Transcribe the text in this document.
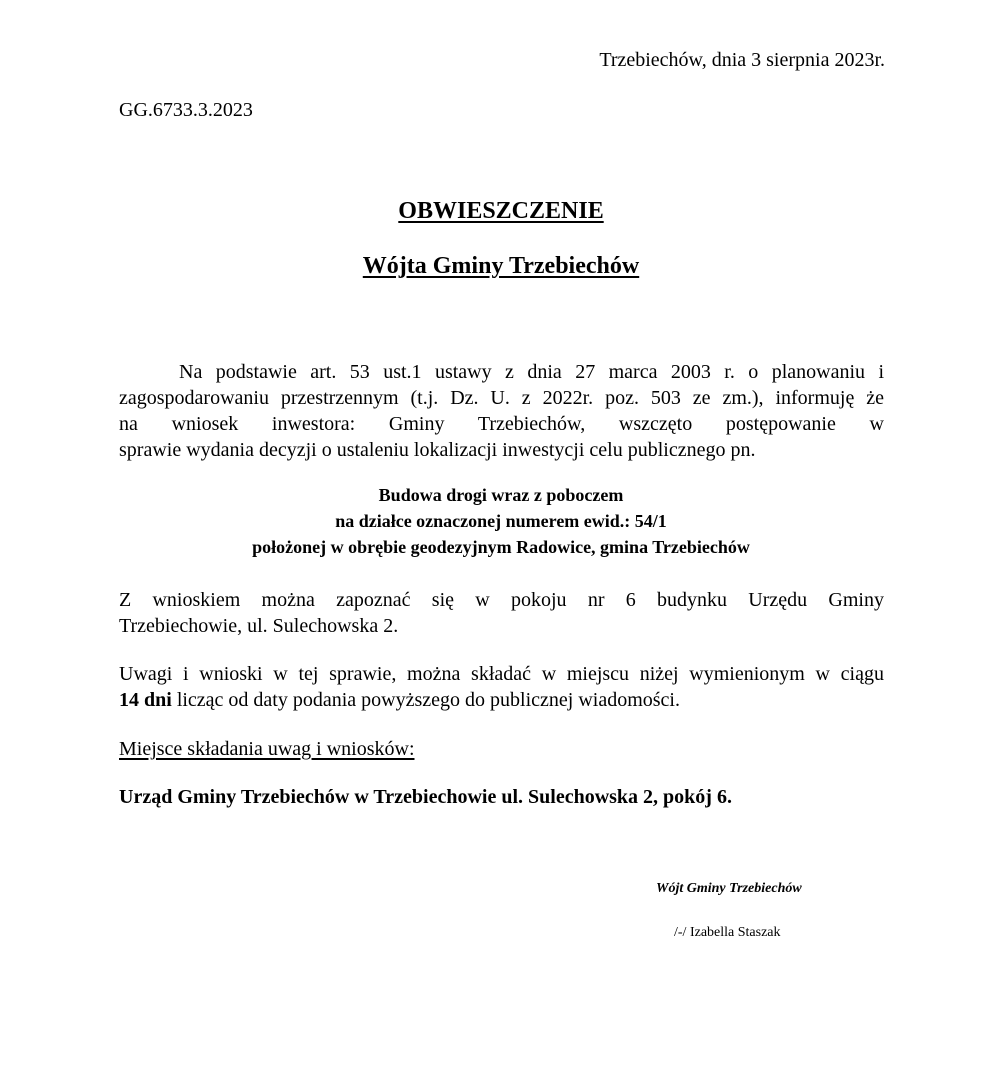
Trzebiechów, dnia 3 sierpnia 2023r.
GG.6733.3.2023
OBWIESZCZENIE
Wójta Gminy Trzebiechów
Na podstawie art. 53 ust.1 ustawy z dnia 27 marca 2003 r. o planowaniu i
zagospodarowaniu przestrzennym (t.j. Dz. U. z 2022r. poz. 503 ze zm.), informuję że
na wniosek inwestora: Gminy Trzebiechów, wszczęto postępowanie w
sprawie wydania decyzji o ustaleniu lokalizacji inwestycji celu publicznego pn.
Budowa drogi wraz z poboczem
na działce oznaczonej numerem ewid.: 54/1
położonej w obrębie geodezyjnym Radowice, gmina Trzebiechów
Z wnioskiem można zapoznać się w pokoju nr 6 budynku Urzędu Gminy
Trzebiechowie, ul. Sulechowska 2.
Uwagi i wnioski w tej sprawie, można składać w miejscu niżej wymienionym w ciągu
14 dni licząc od daty podania powyższego do publicznej wiadomości.
Miejsce składania uwag i wniosków:
Urząd Gminy Trzebiechów w Trzebiechowie ul. Sulechowska 2, pokój 6.
Wójt Gminy Trzebiechów
/-/ Izabella Staszak
